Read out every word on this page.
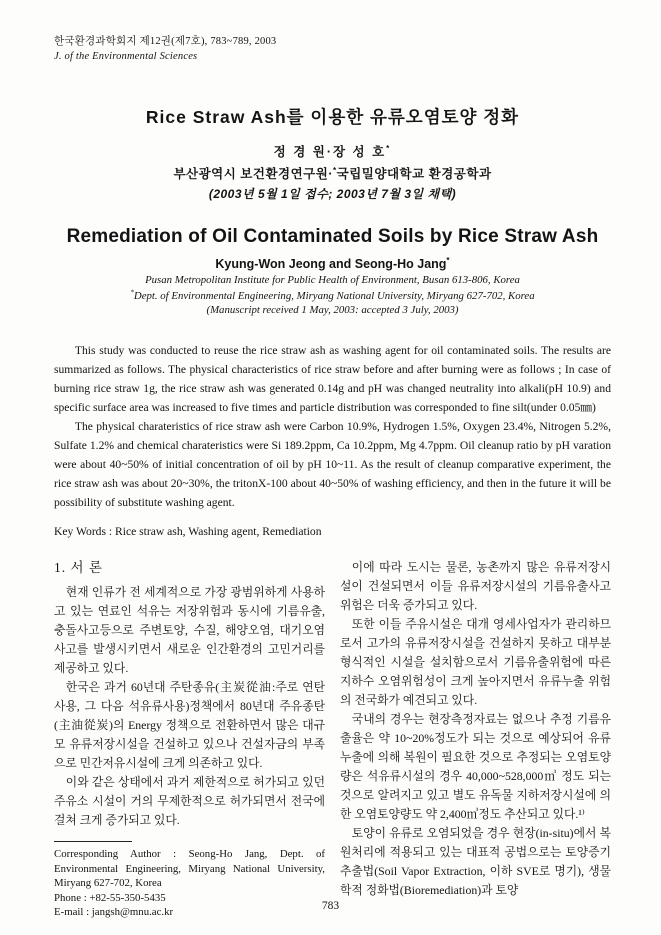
한국환경과학회지 제12권(제7호), 783~789, 2003
J. of the Environmental Sciences
Rice Straw Ash를 이용한 유류오염토양 정화
정 경 원·장 성 호*
부산광역시 보건환경연구원·*국립밀양대학교 환경공학과
(2003년 5월 1일 접수; 2003년 7월 3일 채택)
Remediation of Oil Contaminated Soils by Rice Straw Ash
Kyung-Won Jeong and Seong-Ho Jang*
Pusan Metropolitan Institute for Public Health of Environment, Busan 613-806, Korea
*Dept. of Environmental Engineering, Miryang National University, Miryang 627-702, Korea
(Manuscript received 1 May, 2003: accepted 3 July, 2003)

This study was conducted to reuse the rice straw ash as washing agent for oil contaminated soils. The results are summarized as follows. The physical characteristics of rice straw before and after burning were as follows ; In case of burning rice straw 1g, the rice straw ash was generated 0.14g and pH was changed neutrality into alkali(pH 10.9) and specific surface area was increased to five times and particle distribution was corresponded to fine silt(under 0.05㎜)

The physical charateristics of rice straw ash were Carbon 10.9%, Hydrogen 1.5%, Oxygen 23.4%, Nitrogen 5.2%, Sulfate 1.2% and chemical charateristics were Si 189.2ppm, Ca 10.2ppm, Mg 4.7ppm. Oil cleanup ratio by pH varation were about 40~50% of initial concentration of oil by pH 10~11. As the result of cleanup comparative experiment, the rice straw ash was about 20~30%, the tritonX-100 about 40~50% of washing efficiency, and then in the future it will be possibility of substitute washing agent.

Key Words : Rice straw ash, Washing agent, Remediation

1. 서 론

현재 인류가 전 세계적으로 가장 광범위하게 사용하고 있는 연료인 석유는 저장위험과 동시에 기름유출, 충돌사고등으로 주변토양, 수질, 해양오염, 대기오염사고를 발생시키면서 새로운 인간환경의 고민거리를 제공하고 있다.

한국은 과거 60년대 주탄종유(主炭從油:주로 연탄사용, 그 다음 석유류사용)정책에서 80년대 주유종탄(主油從炭)의 Energy 정책으로 전환하면서 많은 대규모 유류저장시설을 건설하고 있으나 건설자금의 부족으로 민간저유시설에 크게 의존하고 있다.

이와 같은 상태에서 과거 제한적으로 허가되고 있던 주유소 시설이 거의 무제한적으로 허가되면서 전국에 걸쳐 크게 증가되고 있다.

Corresponding Author : Seong-Ho Jang, Dept. of Environmental Engineering, Miryang National University, Miryang 627-702, Korea

Phone : +82-55-350-5435

E-mail : jangsh@mnu.ac.kr

이에 따라 도시는 물론, 농촌까지 많은 유류저장시설이 건설되면서 이들 유류저장시설의 기름유출사고 위험은 더욱 증가되고 있다.

또한 이들 주유시설은 대개 영세사업자가 관리하므로서 고가의 유류저장시설을 건설하지 못하고 대부분 형식적인 시설을 설치함으로서 기름유출위험에 따른 지하수 오염위험성이 크게 높아지면서 유류누출 위험의 전국화가 예견되고 있다.

국내의 경우는 현장측정자료는 없으나 추정 기름유출율은 약 10~20%정도가 되는 것으로 예상되어 유류누출에 의해 복원이 필요한 것으로 추정되는 오염토양량은 석유류시설의 경우 40,000~528,000㎥ 정도 되는 것으로 알려지고 있고 별도 유독물 지하저장시설에 의한 오염토양량도 약 2,400㎥정도 추산되고 있다.¹⁾

토양이 유류로 오염되었을 경우 현장(in-situ)에서 복원처리에 적용되고 있는 대표적 공법으로는 토양증기추출법(Soil Vapor Extraction, 이하 SVE로 명기), 생물학적 정화법(Bioremediation)과 토양

783
